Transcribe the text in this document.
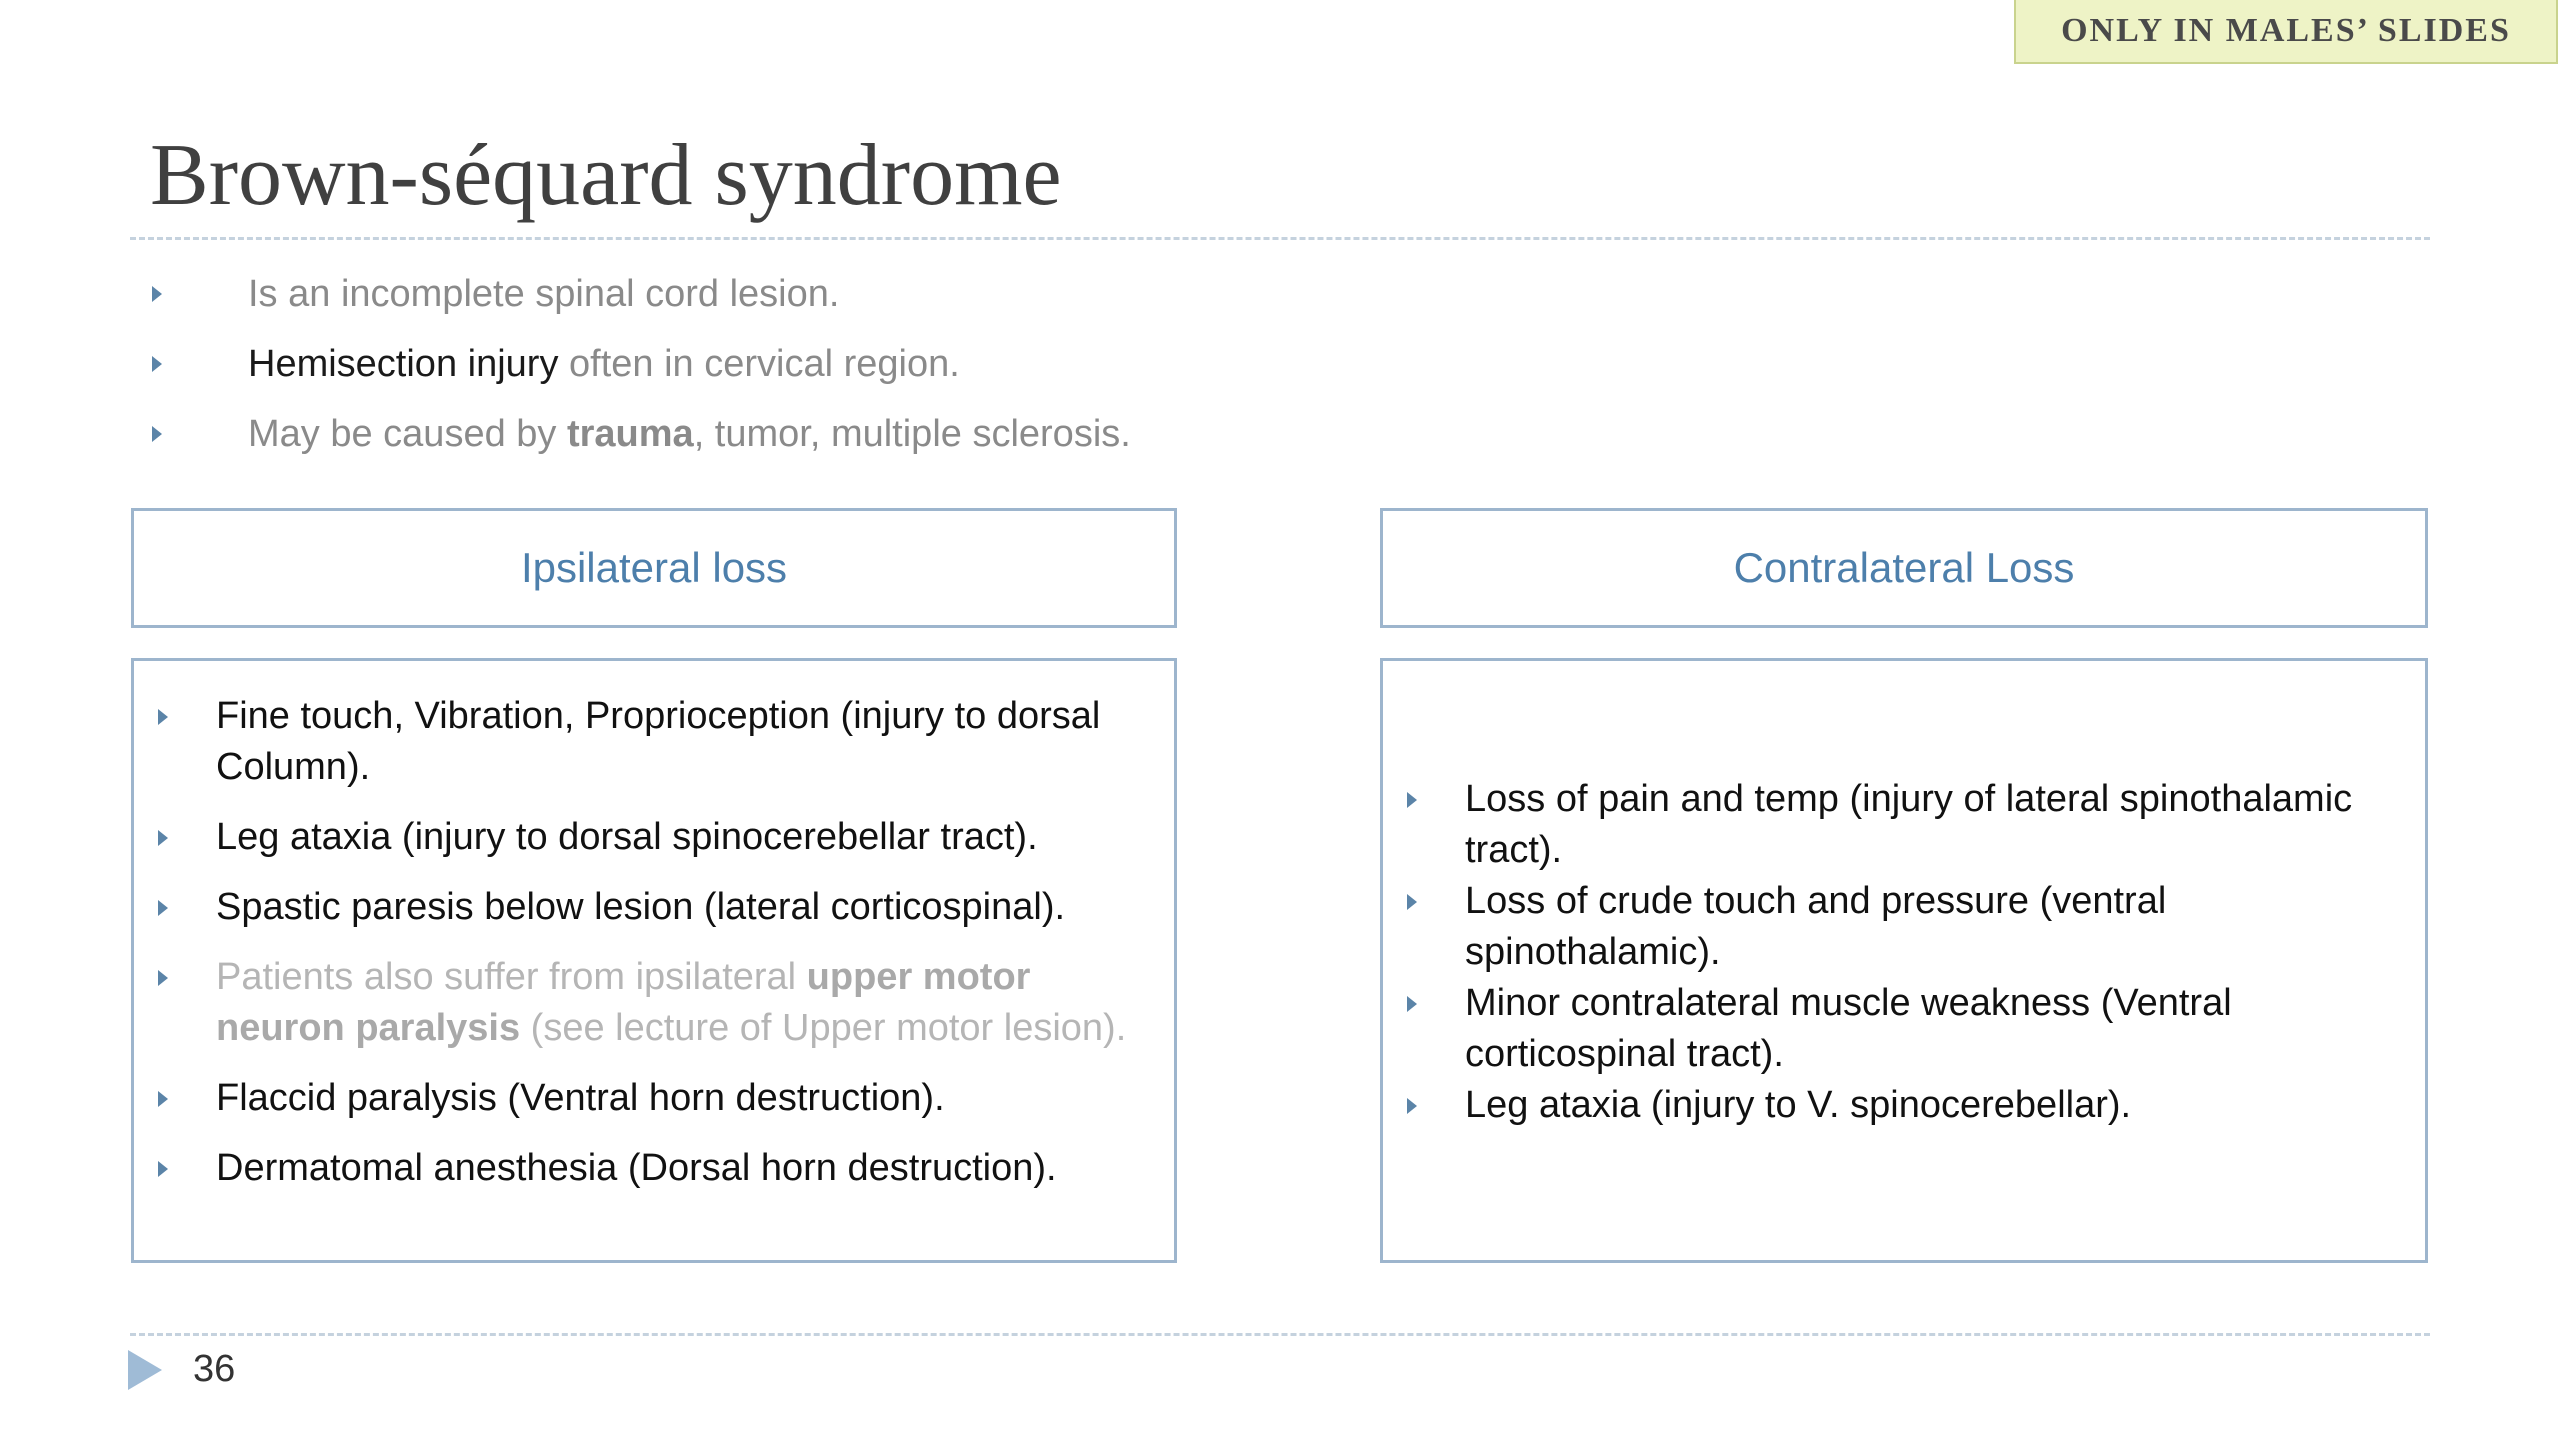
ONLY IN MALES’ SLIDES
Brown-séquard syndrome
Is an incomplete spinal cord lesion.
Hemisection injury often in cervical region.
May be caused by trauma, tumor, multiple sclerosis.
Ipsilateral loss	Contralateral Loss
Fine touch, Vibration, Proprioception (injury to dorsal Column).
Leg ataxia (injury to dorsal spinocerebellar tract).
Spastic paresis below lesion (lateral corticospinal).
Patients also suffer from ipsilateral upper motor neuron paralysis (see lecture of Upper motor lesion).
Flaccid paralysis (Ventral horn destruction).
Dermatomal anesthesia (Dorsal horn destruction).
Loss of pain and temp (injury of lateral spinothalamic tract).
Loss of crude touch and pressure (ventral spinothalamic).
Minor contralateral muscle weakness (Ventral corticospinal tract).
Leg ataxia (injury to V. spinocerebellar).
36
